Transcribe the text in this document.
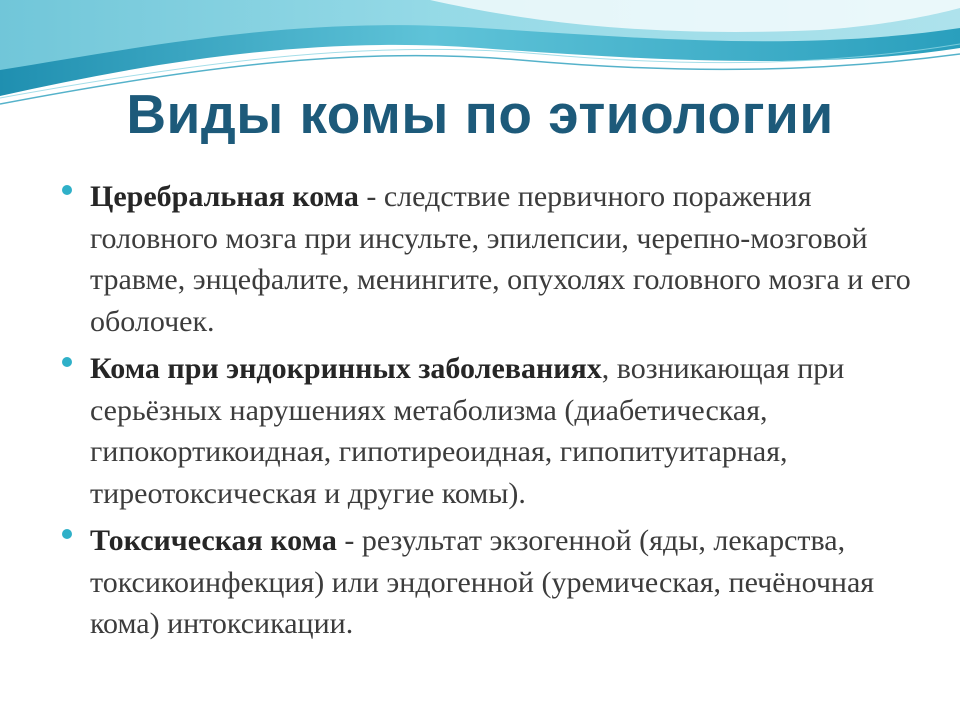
Виды комы по этиологии
Церебральная кома - следствие первичного поражения головного мозга при инсульте, эпилепсии, черепно-мозговой травме, энцефалите, менингите, опухолях головного мозга и его оболочек.
Кома при эндокринных заболеваниях, возникающая при серьёзных нарушениях метаболизма (диабетическая, гипокортикоидная, гипотиреоидная, гипопитуитарная, тиреотоксическая и другие комы).
Токсическая кома - результат экзогенной (яды, лекарства, токсикоинфекция) или эндогенной (уремическая, печёночная кома) интоксикации.
